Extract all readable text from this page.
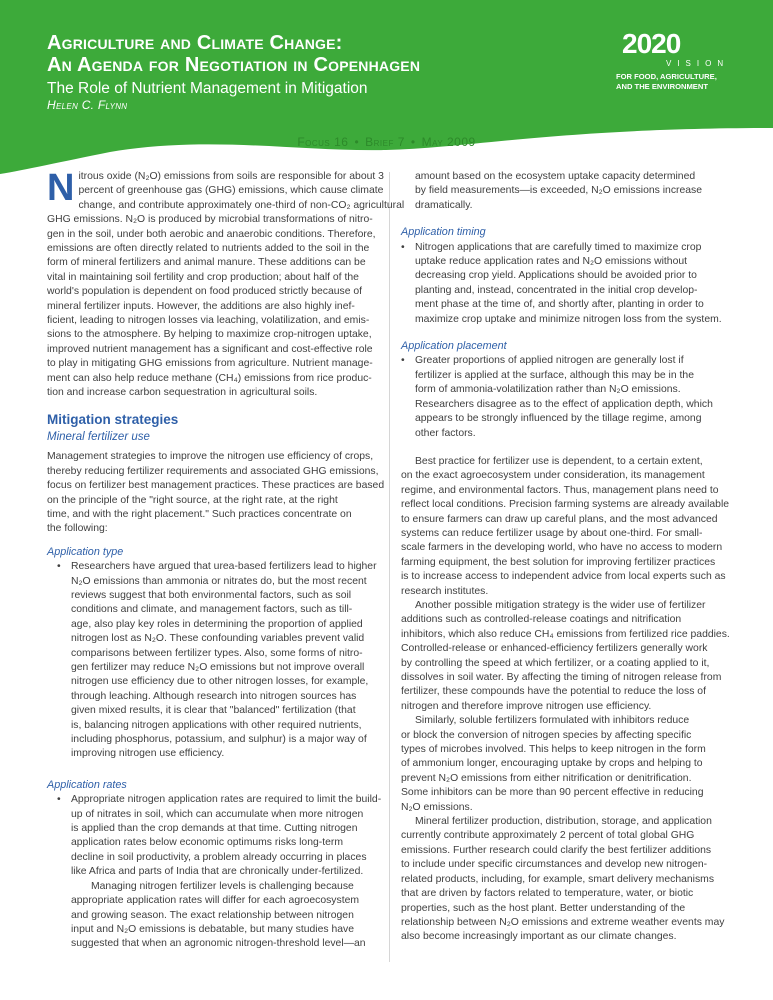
Agriculture and Climate Change:
An Agenda for Negotiation in Copenhagen
The Role of Nutrient Management in Mitigation
Helen C. Flynn
2020
VISION
FOR FOOD, AGRICULTURE,
AND THE ENVIRONMENT
Focus 16 • Brief 7 • May 2009
N itrous oxide (N₂O) emissions from soils are responsible for about 3
percent of greenhouse gas (GHG) emissions, which cause climate
change, and contribute approximately one-third of non-CO₂ agricultural
GHG emissions. N₂O is produced by microbial transformations of nitro-
gen in the soil, under both aerobic and anaerobic conditions. Therefore,
emissions are often directly related to nutrients added to the soil in the
form of mineral fertilizers and animal manure. These additions can be
vital in maintaining soil fertility and crop production; about half of the
world's population is dependent on food produced strictly because of
mineral fertilizer inputs. However, the additions are also highly inef-
ficient, leading to nitrogen losses via leaching, volatilization, and emis-
sions to the atmosphere. By helping to maximize crop-nitrogen uptake,
improved nutrient management has a significant and cost-effective role
to play in mitigating GHG emissions from agriculture. Nutrient manage-
ment can also help reduce methane (CH₄) emissions from rice produc-
tion and increase carbon sequestration in agricultural soils.
Mitigation strategies
Mineral fertilizer use
Management strategies to improve the nitrogen use efficiency of crops,
thereby reducing fertilizer requirements and associated GHG emissions,
focus on fertilizer best management practices. These practices are based
on the principle of the "right source, at the right rate, at the right
time, and with the right placement." Such practices concentrate on
the following:
Application type
• Researchers have argued that urea-based fertilizers lead to higher
N₂O emissions than ammonia or nitrates do, but the most recent
reviews suggest that both environmental factors, such as soil
conditions and climate, and management factors, such as till-
age, also play key roles in determining the proportion of applied
nitrogen lost as N₂O. These confounding variables prevent valid
comparisons between fertilizer types. Also, some forms of nitro-
gen fertilizer may reduce N₂O emissions but not improve overall
nitrogen use efficiency due to other nitrogen losses, for example,
through leaching. Although research into nitrogen sources has
given mixed results, it is clear that "balanced" fertilization (that
is, balancing nitrogen applications with other required nutrients,
including phosphorus, potassium, and sulphur) is a major way of
improving nitrogen use efficiency.
Application rates
• Appropriate nitrogen application rates are required to limit the build-
up of nitrates in soil, which can accumulate when more nitrogen
is applied than the crop demands at that time. Cutting nitrogen
application rates below economic optimums risks long-term
decline in soil productivity, a problem already occurring in places
like Africa and parts of India that are chronically under-fertilized.
Managing nitrogen fertilizer levels is challenging because
appropriate application rates will differ for each agroecosystem
and growing season. The exact relationship between nitrogen
input and N₂O emissions is debatable, but many studies have
suggested that when an agronomic nitrogen-threshold level—an
amount based on the ecosystem uptake capacity determined
by field measurements—is exceeded, N₂O emissions increase
dramatically.
Application timing
• Nitrogen applications that are carefully timed to maximize crop
uptake reduce application rates and N₂O emissions without
decreasing crop yield. Applications should be avoided prior to
planting and, instead, concentrated in the initial crop develop-
ment phase at the time of, and shortly after, planting in order to
maximize crop uptake and minimize nitrogen loss from the system.
Application placement
• Greater proportions of applied nitrogen are generally lost if
fertilizer is applied at the surface, although this may be in the
form of ammonia-volatilization rather than N₂O emissions.
Researchers disagree as to the effect of application depth, which
appears to be strongly influenced by the tillage regime, among
other factors.
Best practice for fertilizer use is dependent, to a certain extent,
on the exact agroecosystem under consideration, its management
regime, and environmental factors. Thus, management plans need to
reflect local conditions. Precision farming systems are already available
to ensure farmers can draw up careful plans, and the most advanced
systems can reduce fertilizer usage by about one-third. For small-
scale farmers in the developing world, who have no access to modern
farming equipment, the best solution for improving fertilizer practices
is to increase access to independent advice from local experts such as
research institutes.
Another possible mitigation strategy is the wider use of fertilizer
additions such as controlled-release coatings and nitrification
inhibitors, which also reduce CH₄ emissions from fertilized rice paddies.
Controlled-release or enhanced-efficiency fertilizers generally work
by controlling the speed at which fertilizer, or a coating applied to it,
dissolves in soil water. By affecting the timing of nitrogen release from
fertilizer, these compounds have the potential to reduce the loss of
nitrogen and therefore improve nitrogen use efficiency.
Similarly, soluble fertilizers formulated with inhibitors reduce
or block the conversion of nitrogen species by affecting specific
types of microbes involved. This helps to keep nitrogen in the form
of ammonium longer, encouraging uptake by crops and helping to
prevent N₂O emissions from either nitrification or denitrification.
Some inhibitors can be more than 90 percent effective in reducing
N₂O emissions.
Mineral fertilizer production, distribution, storage, and application
currently contribute approximately 2 percent of total global GHG
emissions. Further research could clarify the best fertilizer additions
to include under specific circumstances and develop new nitrogen-
related products, including, for example, smart delivery mechanisms
that are driven by factors related to temperature, water, or biotic
properties, such as the host plant. Better understanding of the
relationship between N₂O emissions and extreme weather events may
also become increasingly important as our climate changes.
